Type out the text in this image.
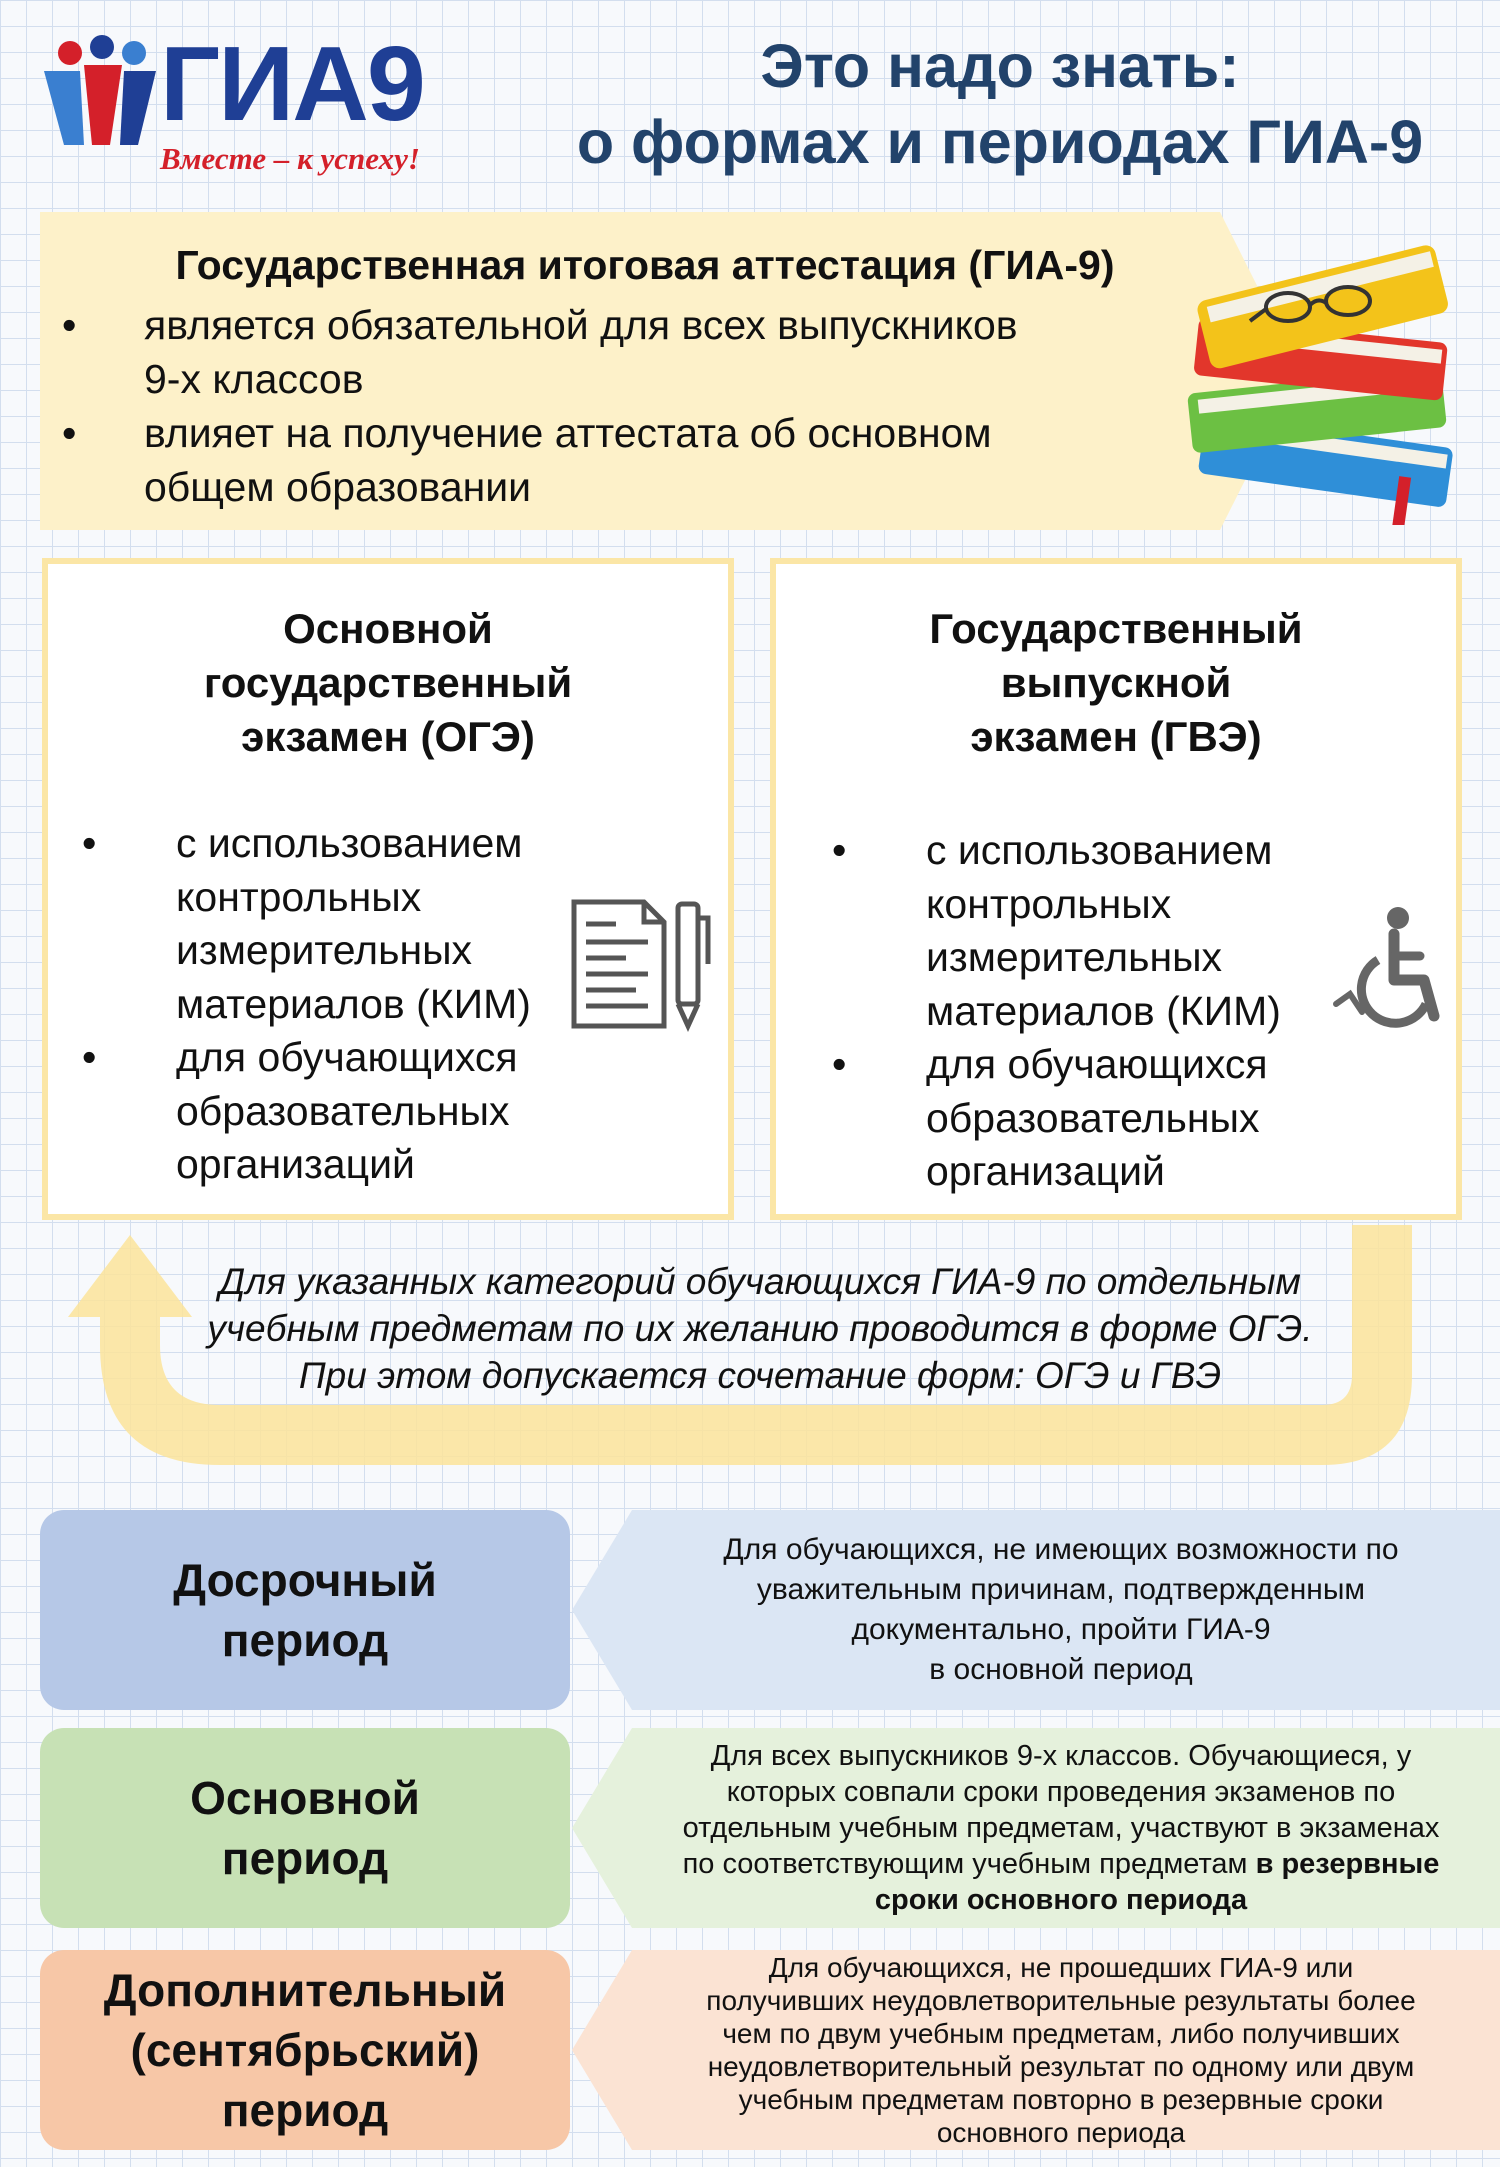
ГИА9
Вместе – к успеху!
Это надо знать:
о формах и периодах ГИА-9
Государственная итоговая аттестация (ГИА-9)
• является обязательной для всех выпускников
9-х классов
• влияет на получение аттестата об основном
общем образовании
Основной
государственный
экзамен (ОГЭ)
• с использованием
контрольных
измерительных
материалов (КИМ)
• для обучающихся
образовательных
организаций
Государственный
выпускной
экзамен (ГВЭ)
• с использованием
контрольных
измерительных
материалов (КИМ)
• для обучающихся
образовательных
организаций
Для указанных категорий обучающихся ГИА-9 по отдельным
учебным предметам по их желанию проводится в форме ОГЭ.
При этом допускается сочетание форм: ОГЭ и ГВЭ
Досрочный
период
Для обучающихся, не имеющих возможности по
уважительным причинам, подтвержденным
документально, пройти ГИА-9
в основной период
Основной
период
Для всех выпускников 9-х классов. Обучающиеся, у
которых совпали сроки проведения экзаменов по
отдельным учебным предметам, участвуют в экзаменах
по соответствующим учебным предметам в резервные
сроки основного периода
Дополнительный
(сентябрьский)
период
Для обучающихся, не прошедших ГИА-9 или
получивших неудовлетворительные результаты более
чем по двум учебным предметам, либо получивших
неудовлетворительный результат по одному или двум
учебным предметам повторно в резервные сроки
основного периода
